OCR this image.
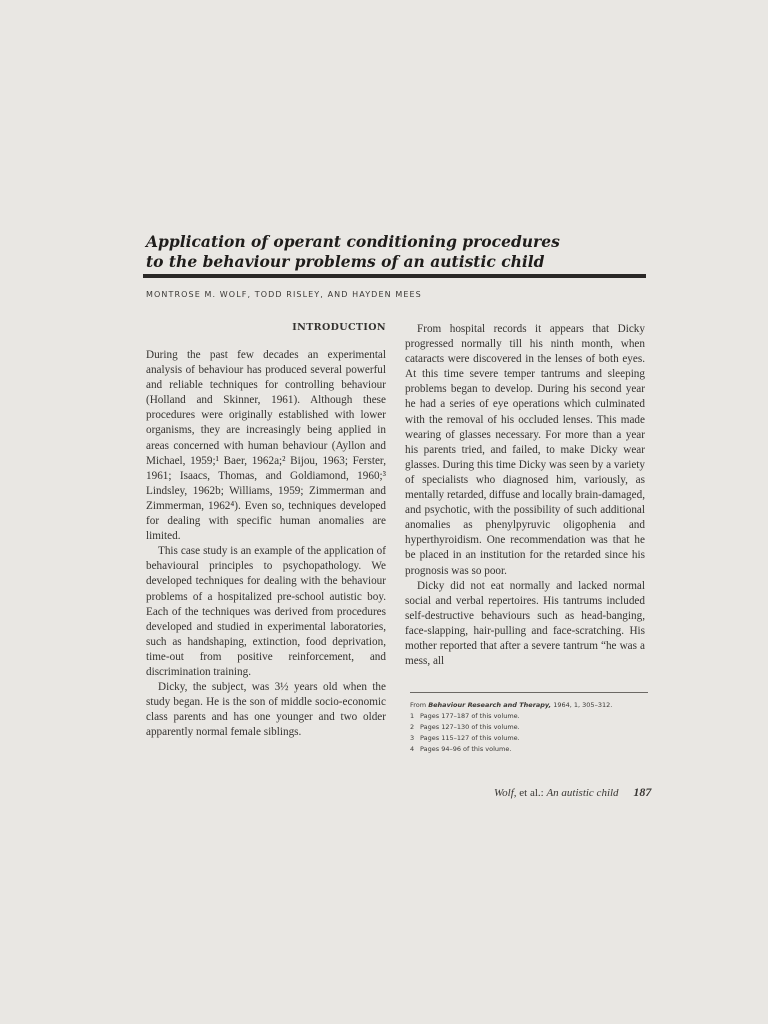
Application of operant conditioning procedures
to the behaviour problems of an autistic child
MONTROSE M. WOLF, TODD RISLEY, AND HAYDEN MEES
INTRODUCTION

During the past few decades an experimental analysis of behaviour has produced several powerful and reliable techniques for controlling behaviour (Holland and Skinner, 1961). Although these procedures were originally established with lower organisms, they are increasingly being applied in areas concerned with human behaviour (Ayllon and Michael, 1959;¹ Baer, 1962a;² Bijou, 1963; Ferster, 1961; Isaacs, Thomas, and Goldiamond, 1960;³ Lindsley, 1962b; Williams, 1959; Zimmerman and Zimmerman, 1962⁴). Even so, techniques developed for dealing with specific human anomalies are limited.

This case study is an example of the application of behavioural principles to psychopathology. We developed techniques for dealing with the behaviour problems of a hospitalized pre-school autistic boy. Each of the techniques was derived from procedures developed and studied in experimental laboratories, such as handshaping, extinction, food deprivation, time-out from positive reinforcement, and discrimination training.

Dicky, the subject, was 3½ years old when the study began. He is the son of middle socio-economic class parents and has one younger and two older apparently normal female siblings.

From hospital records it appears that Dicky progressed normally till his ninth month, when cataracts were discovered in the lenses of both eyes. At this time severe temper tantrums and sleeping problems began to develop. During his second year he had a series of eye operations which culminated with the removal of his occluded lenses. This made wearing of glasses necessary. For more than a year his parents tried, and failed, to make Dicky wear glasses. During this time Dicky was seen by a variety of specialists who diagnosed him, variously, as mentally retarded, diffuse and locally brain-damaged, and psychotic, with the possibility of such additional anomalies as phenylpyruvic oligophenia and hyperthyroidism. One recommendation was that he be placed in an institution for the retarded since his prognosis was so poor.

Dicky did not eat normally and lacked normal social and verbal repertoires. His tantrums included self-destructive behaviours such as head-banging, face-slapping, hair-pulling and face-scratching. His mother reported that after a severe tantrum “he was a mess, all

From Behaviour Research and Therapy, 1964, 1, 305–312.
1 Pages 177–187 of this volume.
2 Pages 127–130 of this volume.
3 Pages 115–127 of this volume.
4 Pages 94–96 of this volume.
Wolf, et al.: An autistic child 187
